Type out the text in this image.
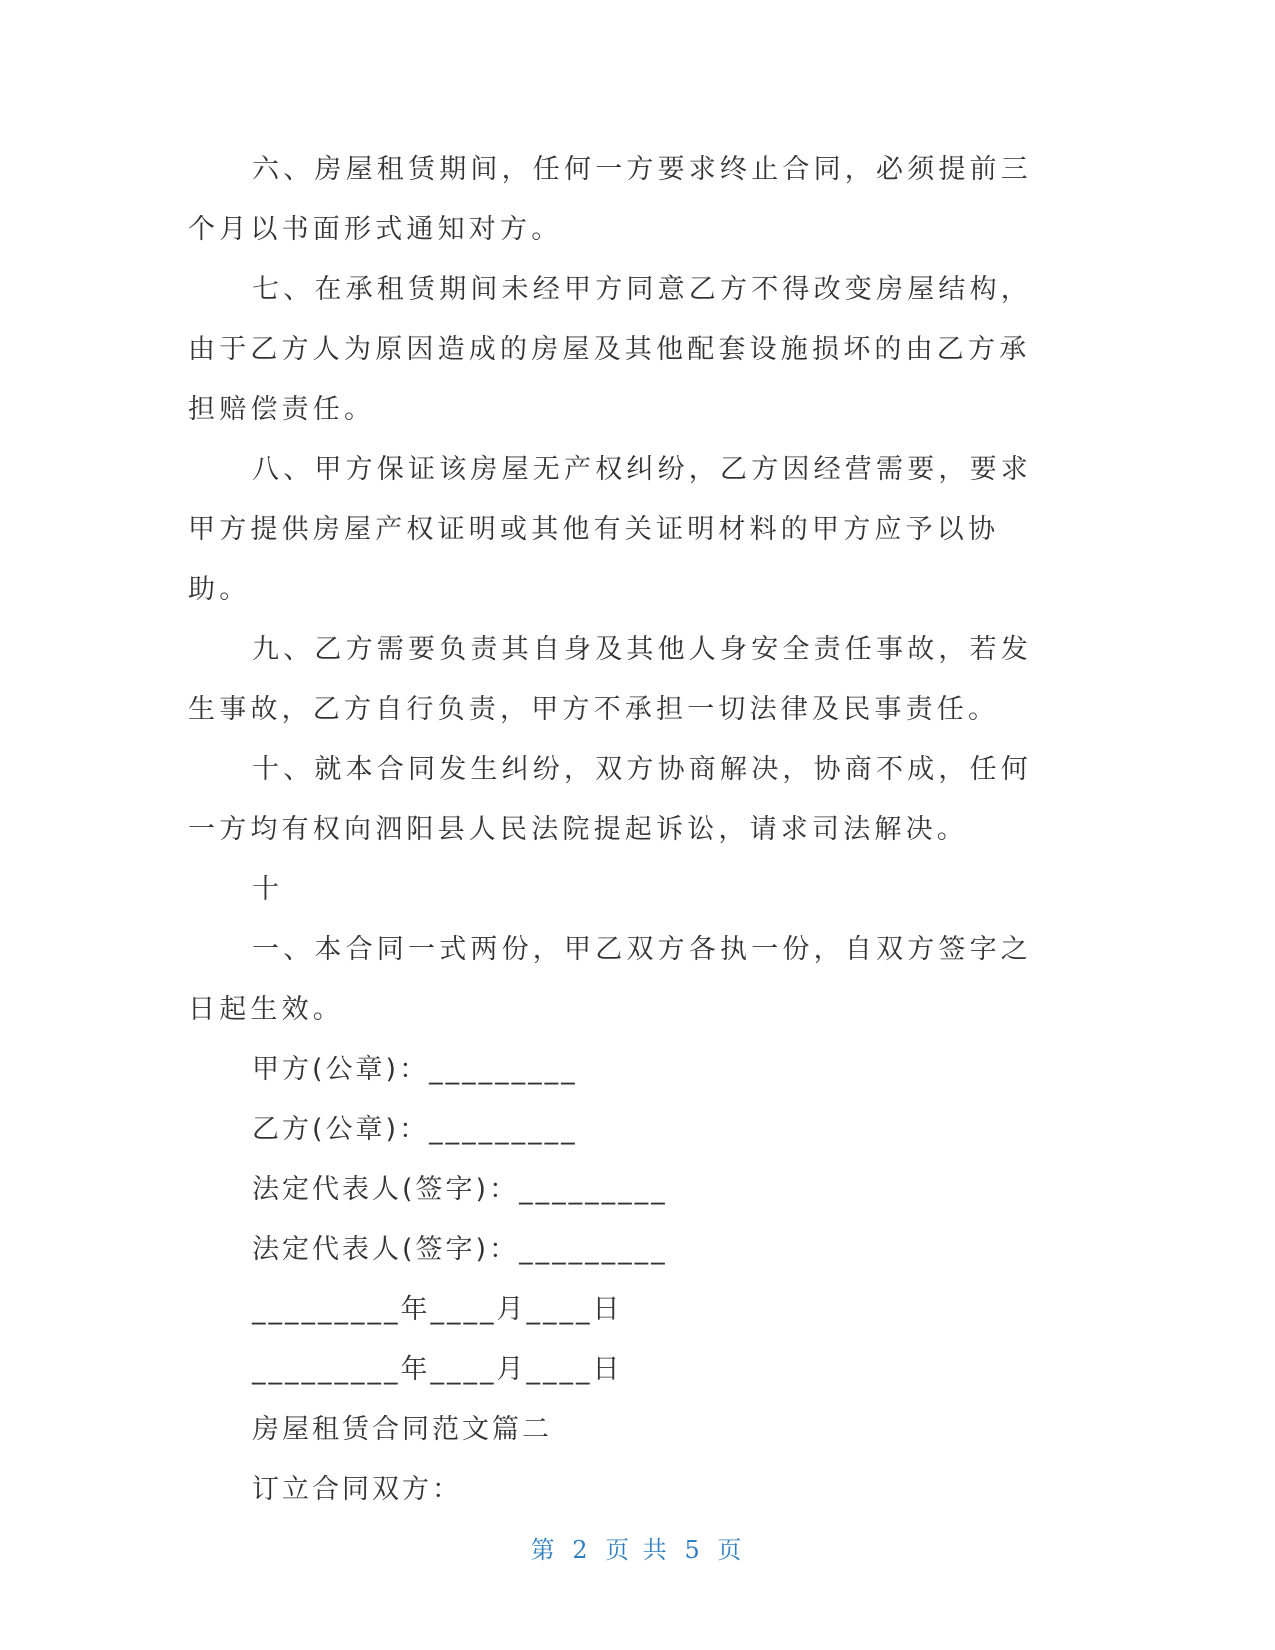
六、房屋租赁期间，任何一方要求终止合同，必须提前三个月以书面形式通知对方。

七、在承租赁期间未经甲方同意乙方不得改变房屋结构，由于乙方人为原因造成的房屋及其他配套设施损坏的由乙方承担赔偿责任。

八、甲方保证该房屋无产权纠纷，乙方因经营需要，要求甲方提供房屋产权证明或其他有关证明材料的甲方应予以协助。

九、乙方需要负责其自身及其他人身安全责任事故，若发生事故，乙方自行负责，甲方不承担一切法律及民事责任。

十、就本合同发生纠纷，双方协商解决，协商不成，任何一方均有权向泗阳县人民法院提起诉讼，请求司法解决。

十

一、本合同一式两份，甲乙双方各执一份，自双方签字之日起生效。

甲方(公章)：_________

乙方(公章)：_________

法定代表人(签字)：_________

法定代表人(签字)：_________

_________年____月____日

_________年____月____日

房屋租赁合同范文篇二

订立合同双方：

第 2 页 共 5 页
